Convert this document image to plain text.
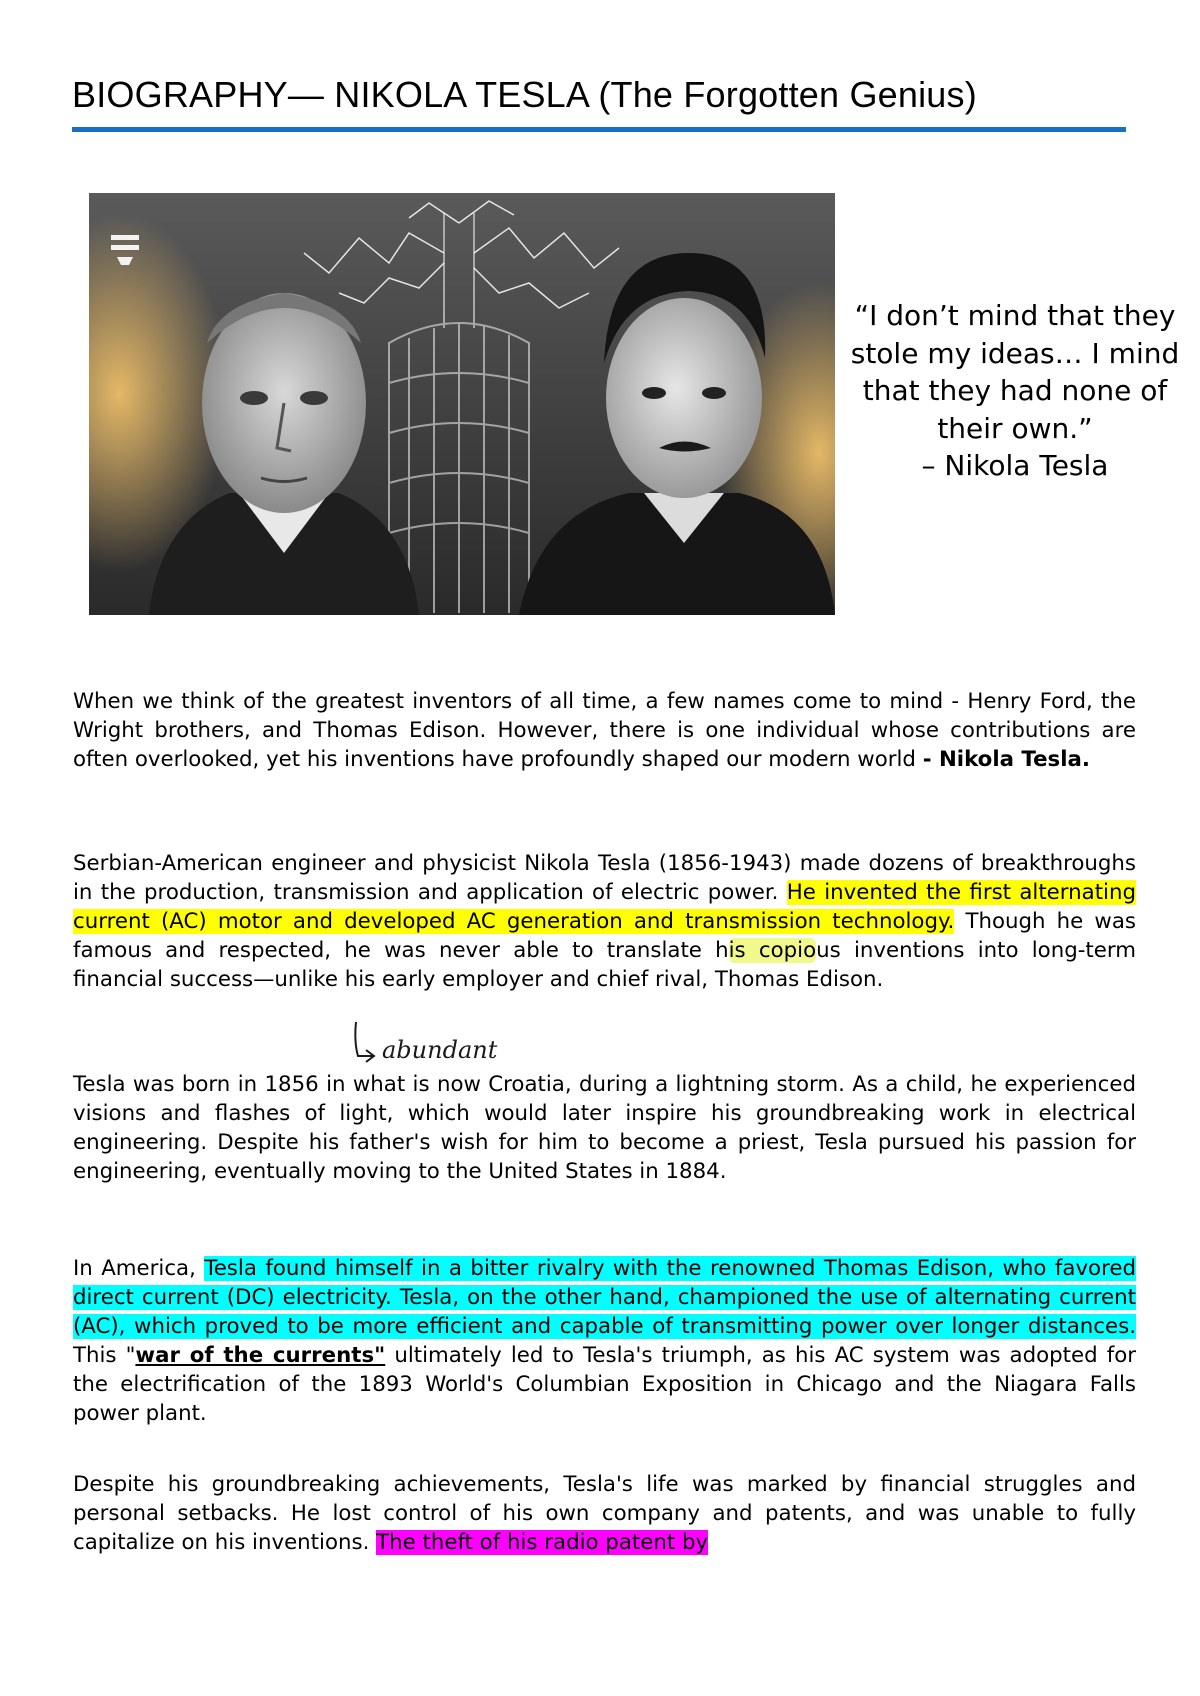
BIOGRAPHY— NIKOLA TESLA (The Forgotten Genius)
“I don’t mind that they stole my ideas… I mind that they had none of their own.”
– Nikola Tesla
When we think of the greatest inventors of all time, a few names come to mind - Henry Ford, the Wright brothers, and Thomas Edison. However, there is one individual whose contributions are often overlooked, yet his inventions have profoundly shaped our modern world - Nikola Tesla.
Serbian-American engineer and physicist Nikola Tesla (1856-1943) made dozens of breakthroughs in the production, transmission and application of electric power. He invented the first alternating current (AC) motor and developed AC generation and transmission technology. Though he was famous and respected, he was never able to translate his copious inventions into long-term financial success—unlike his early employer and chief rival, Thomas Edison.
abundant
Tesla was born in 1856 in what is now Croatia, during a lightning storm. As a child, he experienced visions and flashes of light, which would later inspire his groundbreaking work in electrical engineering. Despite his father's wish for him to become a priest, Tesla pursued his passion for engineering, eventually moving to the United States in 1884.
In America, Tesla found himself in a bitter rivalry with the renowned Thomas Edison, who favored direct current (DC) electricity. Tesla, on the other hand, championed the use of alternating current (AC), which proved to be more efficient and capable of transmitting power over longer distances. This "war of the currents" ultimately led to Tesla's triumph, as his AC system was adopted for the electrification of the 1893 World's Columbian Exposition in Chicago and the Niagara Falls power plant.
Despite his groundbreaking achievements, Tesla's life was marked by financial struggles and personal setbacks. He lost control of his own company and patents, and was unable to fully capitalize on his inventions. The theft of his radio patent by
